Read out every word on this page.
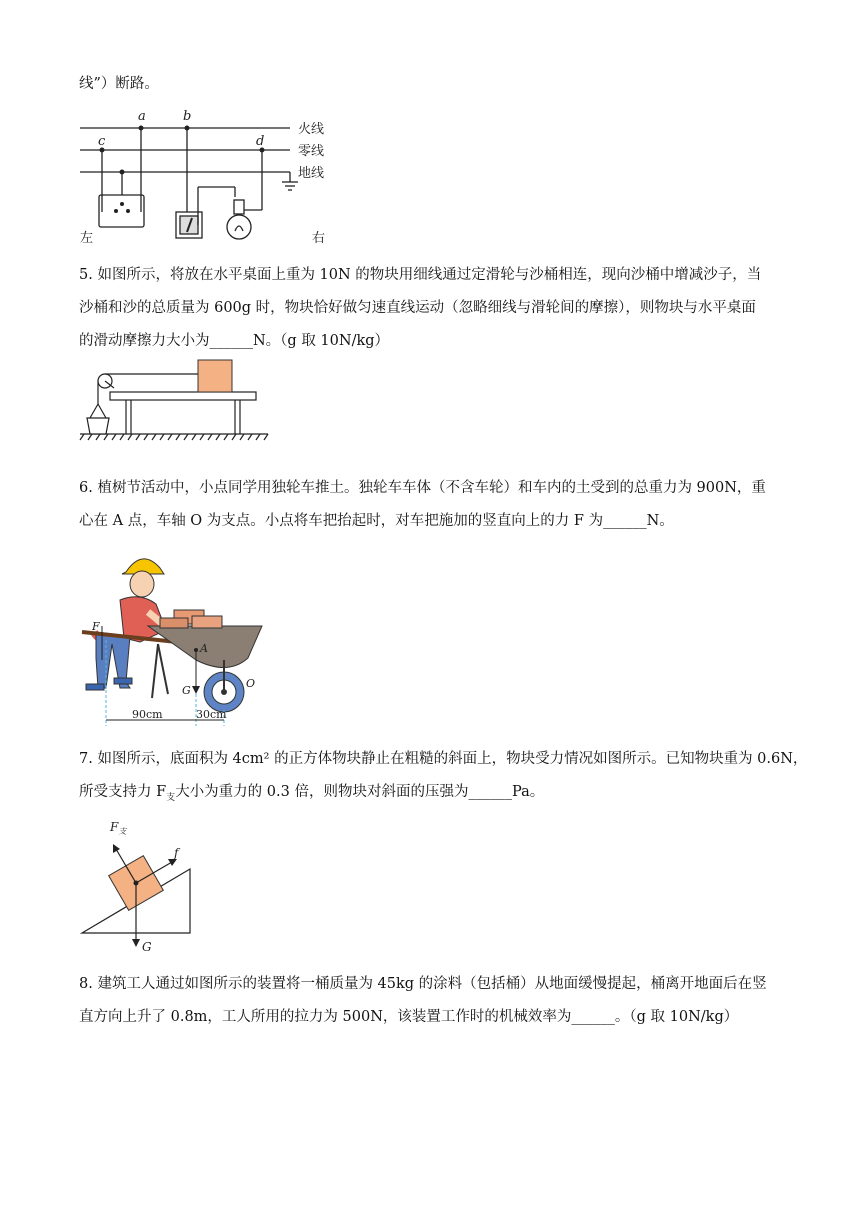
线”）断路。
a	b
c	d
火线
零线
地线
左	右
5. 如图所示，将放在水平桌面上重为 10N 的物块用细线通过定滑轮与沙桶相连，现向沙桶中增减沙子，当
沙桶和沙的总质量为 600g 时，物块恰好做匀速直线运动（忽略细线与滑轮间的摩擦），则物块与水平桌面
的滑动摩擦力大小为______N。（g 取 10N/kg）
6. 植树节活动中，小点同学用独轮车推土。独轮车车体（不含车轮）和车内的土受到的总重力为 900N，重
心在 A 点，车轴 O 为支点。小点将车把抬起时，对车把施加的竖直向上的力 F 为______N。
F
A
G
O
90cm	30cm
7. 如图所示，底面积为 4cm² 的正方体物块静止在粗糙的斜面上，物块受力情况如图所示。已知物块重为 0.6N，
所受支持力 $F_支$大小为重力的 0.3 倍，则物块对斜面的压强为______Pa。
$F_支$
f
G
8. 建筑工人通过如图所示的装置将一桶质量为 45kg 的涂料（包括桶）从地面缓慢提起，桶离开地面后在竖
直方向上升了 0.8m，工人所用的拉力为 500N，该装置工作时的机械效率为______。（g 取 10N/kg）
